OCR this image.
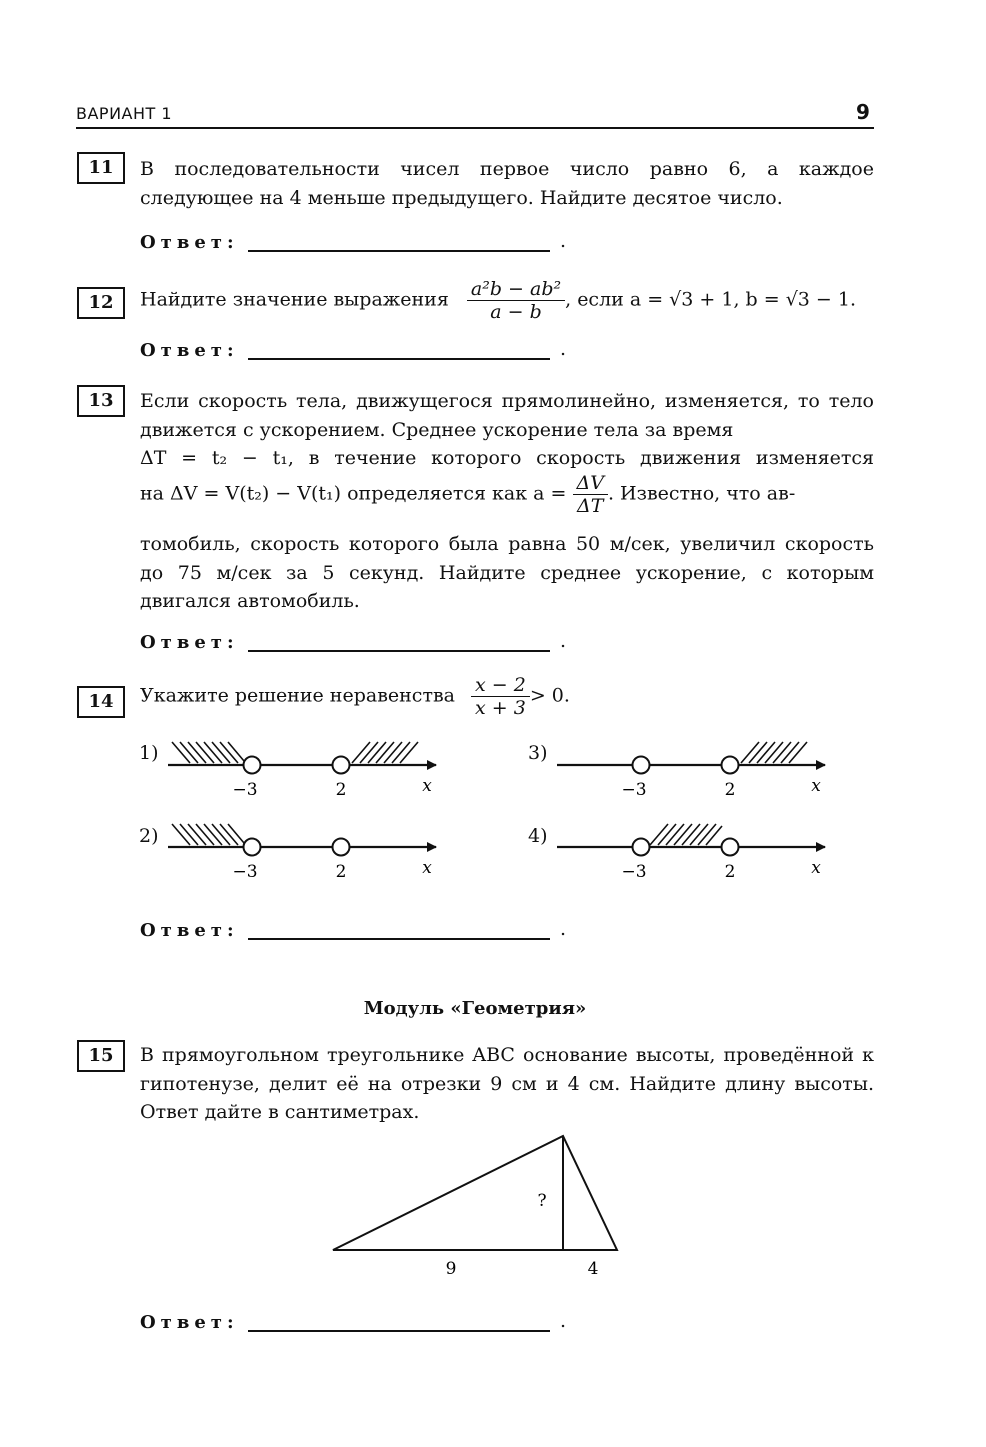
ВАРИАНТ 1	9
11	В последовательности чисел первое число равно 6, а каждое следующее на 4 меньше предыдущего. Найдите десятое число.
Ответ:	.
12	Найдите значение выражения $\frac{\text{a²b − ab²}}{a - b}$ , если a = √3 + 1, b = √3 − 1.
Ответ:	.
13	Если скорость тела, движущегося прямолинейно, изменяется, то тело движется с ускорением. Среднее ускорение тела за время
ΔT = t₂ − t₁, в течение которого скорость движения изменяется
на ΔV = V(t₂) − V(t₁) определяется как $a = \frac{\Delta V}{\Delta T}$ . Известно, что ав-
томобиль, скорость которого была равна 50 м/сек, увеличил скорость до 75 м/сек за 5 секунд. Найдите среднее ускорение, с которым двигался автомобиль.
Ответ:	.
14	Укажите решение неравенства $\frac{x - 2}{x + 3} > 0$.
1)
2)
3)
4)
−3	2	x
−3	2	x
−3	2	x
−3	2	x
?
9	4
Ответ:	.
Модуль «Геометрия»
15	В прямоугольном треугольнике ABC основание высоты, проведённой к гипотенузе, делит её на отрезки 9 см и 4 см. Найдите длину высоты. Ответ дайте в сантиметрах.
Ответ:	.
